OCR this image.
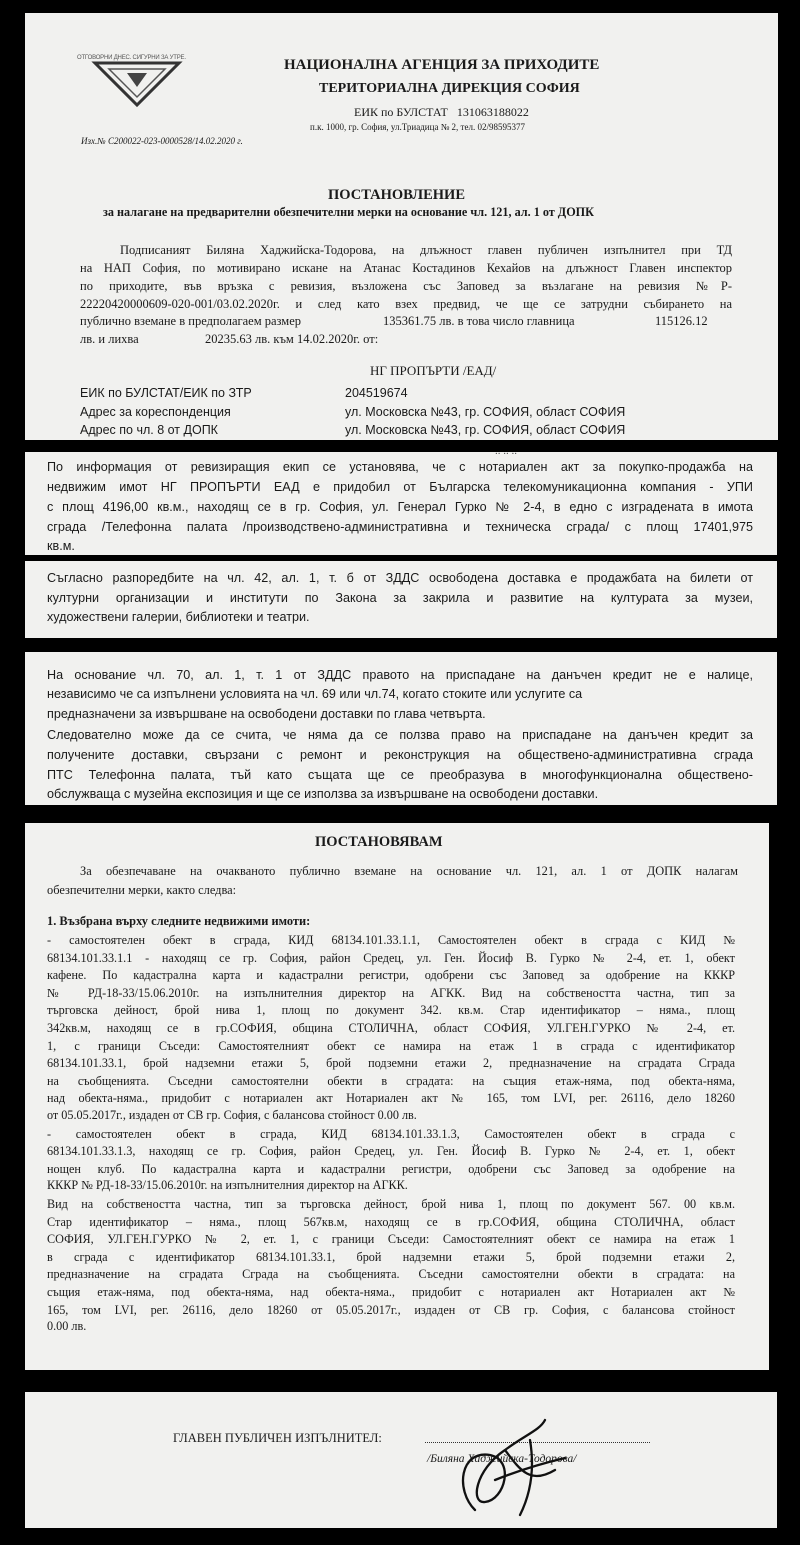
ОТГОВОРНИ ДНЕС. СИГУРНИ ЗА УТРЕ.	НАЦИОНАЛНА АГЕНЦИЯ ЗА ПРИХОДИТЕ
ТЕРИТОРИАЛНА ДИРЕКЦИЯ СОФИЯ
ЕИК по БУЛСТАТ 131063188022
п.к. 1000, гр. София, ул.Триадица № 2, тел. 02/98595377
Изх.№ С200022-023-0000528/14.02.2020 г.
ПОСТАНОВЛЕНИЕ
за налагане на предварителни обезпечителни мерки на основание чл. 121, ал. 1 от ДОПК
Подписаният Биляна Хаджийска-Тодорова, на длъжност главен публичен изпълнител при ТД
на НАП София, по мотивирано искане на Атанас Костадинов Кехайов на длъжност Главен инспектор
по приходите, във връзка с ревизия, възложена със Заповед за възлагане на ревизия №Р-
22220420000609-020-001/03.02.2020г. и след като взех предвид, че ще се затрудни събирането на
публично вземане в предполагаем размер	135361.75 лв. в това число главница	115126.12
лв. и лихва	20235.63 лв. към 14.02.2020г. от:
НГ ПРОПЪРТИ /ЕАД/
ЕИК по БУЛСТАТ/ЕИК по ЗТР	204519674
Адрес за кореспонденция	ул. Московска №43, гр. СОФИЯ, област СОФИЯ
Адрес по чл. 8 от ДОПК	ул. Московска №43, гр. СОФИЯ, област СОФИЯ
.. .. ..
По информация от ревизиращия екип се установява, че с нотариален акт за покупко-продажба на
недвижим имот НГ ПРОПЪРТИ ЕАД е придобил от Българска телекомуникационна компания - УПИ
с площ 4196,00 кв.м., находящ се в гр. София, ул. Генерал Гурко № 2-4, в едно с изградената в имота
сграда /Телефонна палата /производствено-административна и техническа сграда/ с площ 17401,975
кв.м.
Съгласно разпоредбите на чл. 42, ал. 1, т. б от ЗДДС освободена доставка е продажбата на билети от
културни организации и институти по Закона за закрила и развитие на културата за музеи,
художествени галерии, библиотеки и театри.
На основание чл. 70, ал. 1, т. 1 от ЗДДС правото на приспадане на данъчен кредит не е налице,
независимо че са изпълнени условията на чл. 69 или чл.74, когато стоките или услугите са
предназначени за извършване на освободени доставки по глава четвърта.
Следователно може да се счита, че няма да се ползва право на приспадане на данъчен кредит за
получените доставки, свързани с ремонт и реконструкция на обществено-административна сграда
ПТС Телефонна палата, тъй като същата ще се преобразува в многофункционална обществено-
обслужваща с музейна експозиция и ще се използва за извършване на освободени доставки.
ПОСТАНОВЯВАМ
За обезпечаване на очакваното публично вземане на основание чл. 121, ал. 1 от ДОПК налагам
обезпечителни мерки, както следва:
1. Възбрана върху следните недвижими имоти:
- самостоятелен обект в сграда, КИД 68134.101.33.1.1, Самостоятелен обект в сграда с КИД №
68134.101.33.1.1 - находящ се гр. София, район Средец, ул. Ген. Йосиф В. Гурко № 2-4, ет. 1, обект
кафене. По кадастрална карта и кадастрални регистри, одобрени със Заповед за одобрение на КККР
№ РД-18-33/15.06.2010г. на изпълнителния директор на АГКК. Вид на собствеността частна, тип за
търговска дейност, брой нива 1, площ по документ 342. кв.м. Стар идентификатор – няма., площ
342кв.м, находящ се в гр.СОФИЯ, община СТОЛИЧНА, област СОФИЯ, УЛ.ГЕН.ГУРКО № 2-4, ет.
1, с граници Съседи: Самостоятелният обект се намира на етаж 1 в сграда с идентификатор
68134.101.33.1, брой надземни етажи 5, брой подземни етажи 2, предназначение на сградата Сграда
на съобщенията. Съседни самостоятелни обекти в сградата: на същия етаж-няма, под обекта-няма,
над обекта-няма., придобит с нотариален акт Нотариален акт № 165, том LVI, рег. 26116, дело 18260
от 05.05.2017г., издаден от СВ гр. София, с балансова стойност 0.00 лв.
- самостоятелен обект в сграда, КИД 68134.101.33.1.3, Самостоятелен обект в сграда с
68134.101.33.1.3, находящ се гр. София, район Средец, ул. Ген. Йосиф В. Гурко № 2-4, ет. 1, обект
нощен клуб. По кадастрална карта и кадастрални регистри, одобрени със Заповед за одобрение на
КККР № РД-18-33/15.06.2010г. на изпълнителния директор на АГКК.
Вид на собствеността частна, тип за търговска дейност, брой нива 1, площ по документ 567. 00 кв.м.
Стар идентификатор – няма., площ 567кв.м, находящ се в гр.СОФИЯ, община СТОЛИЧНА, област
СОФИЯ, УЛ.ГЕН.ГУРКО № 2, ет. 1, с граници Съседи: Самостоятелният обект се намира на етаж 1
в сграда с идентификатор 68134.101.33.1, брой надземни етажи 5, брой подземни етажи 2,
предназначение на сградата Сграда на съобщенията. Съседни самостоятелни обекти в сградата: на
същия етаж-няма, под обекта-няма, над обекта-няма., придобит с нотариален акт Нотариален акт №
165, том LVI, рег. 26116, дело 18260 от 05.05.2017г., издаден от СВ гр. София, с балансова стойност
0.00 лв.
ГЛАВЕН ПУБЛИЧЕН ИЗПЪЛНИТЕЛ:
/Биляна Хаджийска-Тодорова/
